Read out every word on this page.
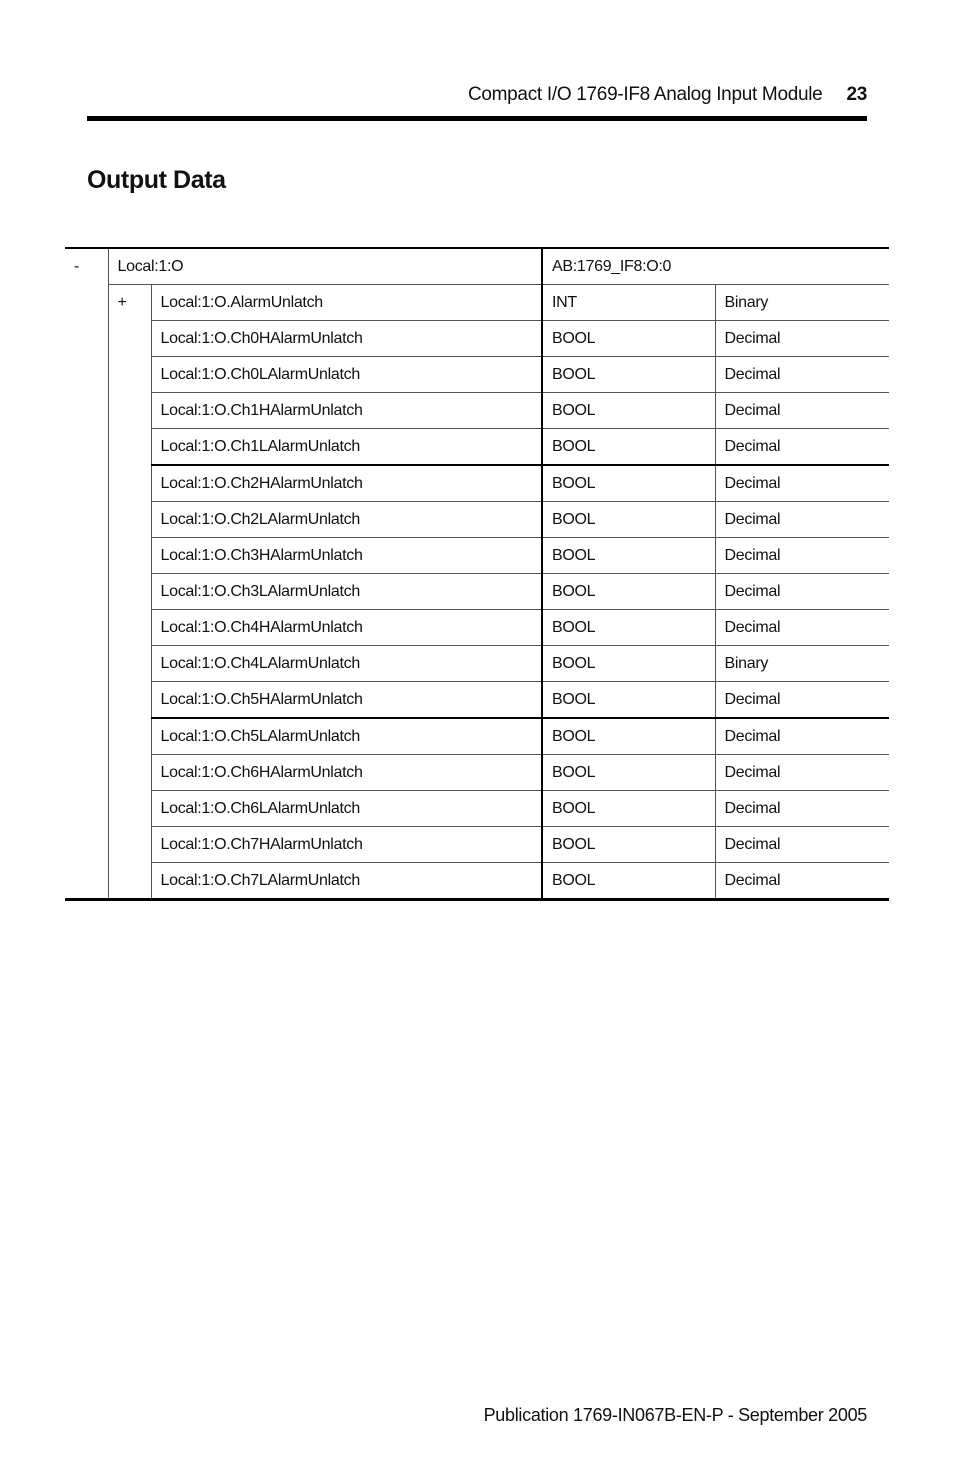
Compact I/O 1769-IF8 Analog Input Module 23
Output Data
-	Local:1:O		AB:1769_IF8:O:0	
	+	Local:1:O.AlarmUnlatch	INT	Binary
		Local:1:O.Ch0HAlarmUnlatch	BOOL	Decimal
		Local:1:O.Ch0LAlarmUnlatch	BOOL	Decimal
		Local:1:O.Ch1HAlarmUnlatch	BOOL	Decimal
		Local:1:O.Ch1LAlarmUnlatch	BOOL	Decimal
		Local:1:O.Ch2HAlarmUnlatch	BOOL	Decimal
		Local:1:O.Ch2LAlarmUnlatch	BOOL	Decimal
		Local:1:O.Ch3HAlarmUnlatch	BOOL	Decimal
		Local:1:O.Ch3LAlarmUnlatch	BOOL	Decimal
		Local:1:O.Ch4HAlarmUnlatch	BOOL	Decimal
		Local:1:O.Ch4LAlarmUnlatch	BOOL	Binary
		Local:1:O.Ch5HAlarmUnlatch	BOOL	Decimal
		Local:1:O.Ch5LAlarmUnlatch	BOOL	Decimal
		Local:1:O.Ch6HAlarmUnlatch	BOOL	Decimal
		Local:1:O.Ch6LAlarmUnlatch	BOOL	Decimal
		Local:1:O.Ch7HAlarmUnlatch	BOOL	Decimal
		Local:1:O.Ch7LAlarmUnlatch	BOOL	Decimal
Publication 1769-IN067B-EN-P - September 2005
